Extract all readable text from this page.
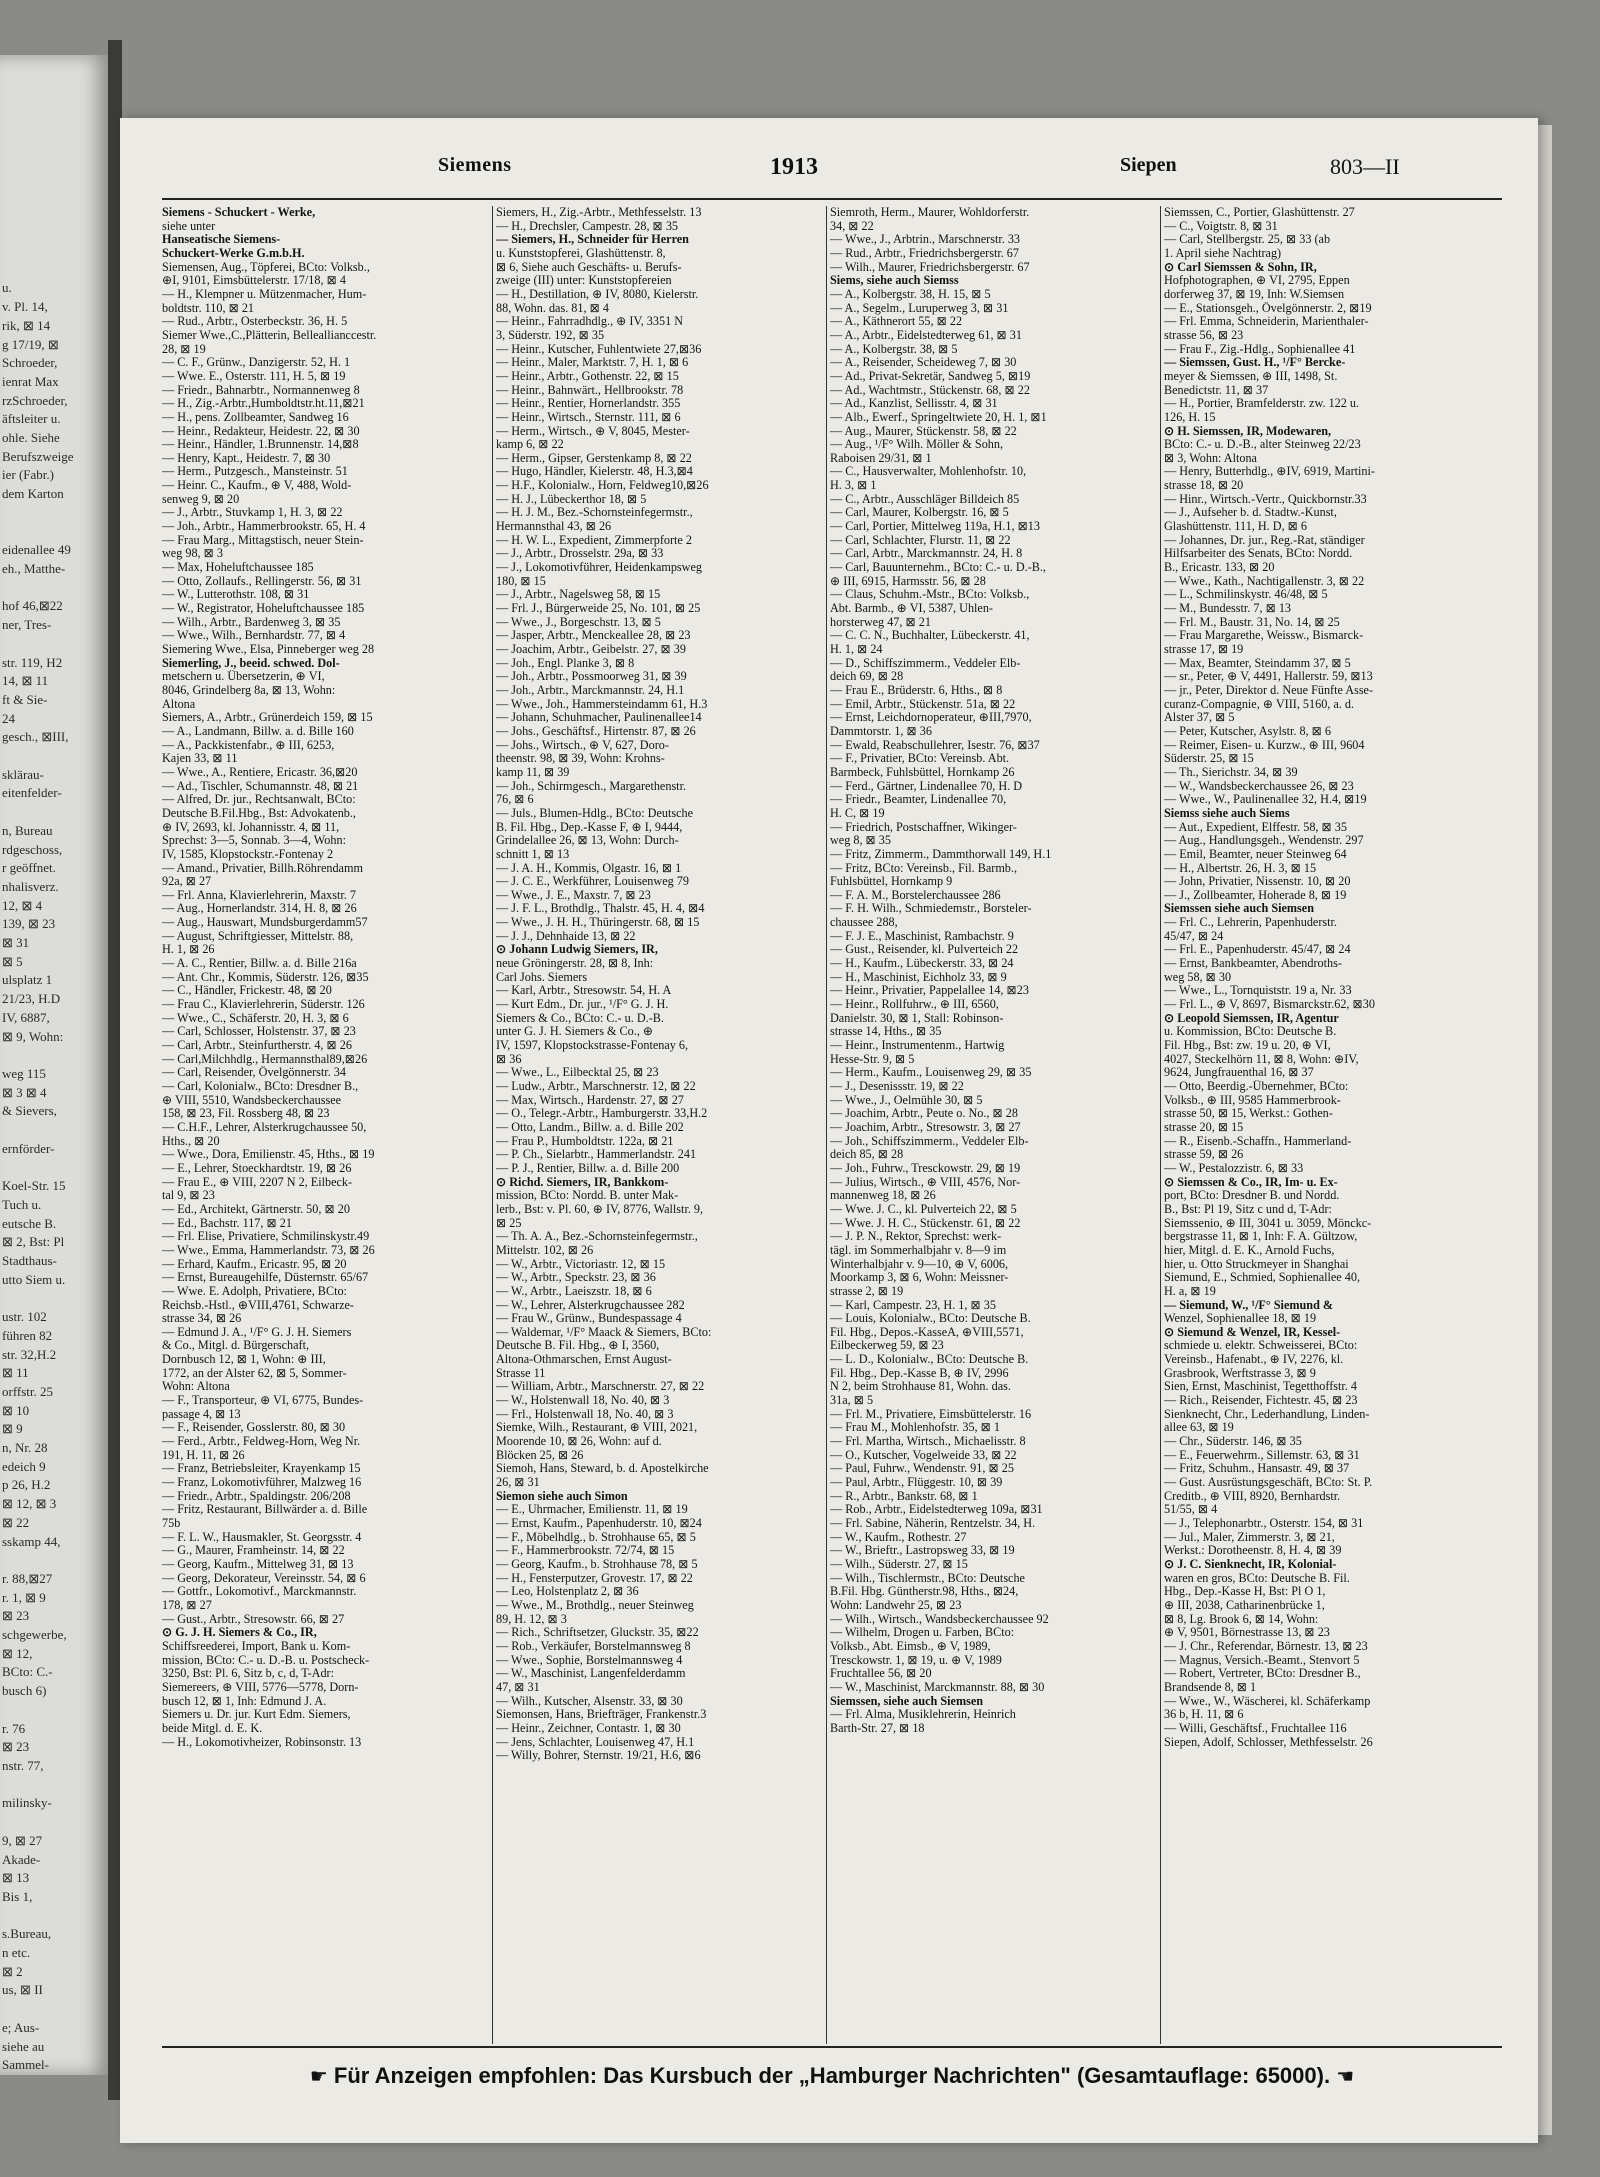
u.
v. Pl. 14,
rik, ⊠ 14
g 17/19, ⊠
Schroeder,
ienrat Max
rzSchroeder,
äftsleiter u.
ohle. Siehe
Berufszweige
ier (Fabr.)
dem Karton

eidenallee 49
eh., Matthe-

hof 46,⊠22
ner, Tres-

str. 119, H2
14, ⊠ 11
ft & Sie-
24
gesch., ⊠III,

sklärau-
eitenfelder-

n, Bureau
rdgeschoss,
r geöffnet.
nhalisverz.
12, ⊠ 4
139, ⊠ 23
⊠ 31
⊠ 5
ulsplatz 1
21/23, H.D
IV, 6887,
⊠ 9, Wohn:

weg 115
⊠ 3 ⊠ 4
& Sievers,

ernförder-

Koel-Str. 15
Tuch u.
eutsche B.
⊠ 2, Bst: Pl
Stadthaus-
utto Siem u.

ustr. 102
führen 82
str. 32,H.2
⊠ 11
orffstr. 25
⊠ 10
⊠ 9
n, Nr. 28
edeich 9
p 26, H.2
⊠ 12, ⊠ 3
⊠ 22
sskamp 44,

r. 88,⊠27
r. 1, ⊠ 9
⊠ 23
schgewerbe,
⊠ 12,
BCto: C.-
busch 6)

r. 76
⊠ 23
nstr. 77,

milinsky-

9, ⊠ 27
Akade-
⊠ 13
Bis 1,

s.Bureau,
n etc.
⊠ 2
us, ⊠ II

e; Aus-
siehe au
Sammel-
Siemens	1913	Siepen	803—II
Siemens - Schuckert - Werke,
siehe unter
Hanseatische Siemens-
Schuckert-Werke G.m.b.H.
Siemensen, Aug., Töpferei, BCto: Volksb.,
⊕I, 9101, Eimsbüttelerstr. 17/18, ⊠ 4
— H., Klempner u. Mützenmacher, Hum-
boldtstr. 110, ⊠ 21
— Rud., Arbtr., Osterbeckstr. 36, H. 5
Siemer Wwe.,C.,Plätterin, Belleallianccestr.
28, ⊠ 19
— C. F., Grünw., Danzigerstr. 52, H. 1
— Wwe. E., Osterstr. 111, H. 5, ⊠ 19
— Friedr., Bahnarbtr., Normannenweg 8
— H., Zig.-Arbtr.,Humboldtstr.ht.11,⊠21
— H., pens. Zollbeamter, Sandweg 16
— Heinr., Redakteur, Heidestr. 22, ⊠ 30
— Heinr., Händler, 1.Brunnenstr. 14,⊠8
— Henry, Kapt., Heidestr. 7, ⊠ 30
— Herm., Putzgesch., Mansteinstr. 51
— Heinr. C., Kaufm., ⊕ V, 488, Wold-
senweg 9, ⊠ 20
— J., Arbtr., Stuvkamp 1, H. 3, ⊠ 22
— Joh., Arbtr., Hammerbrookstr. 65, H. 4
— Frau Marg., Mittagstisch, neuer Stein-
weg 98, ⊠ 3
— Max, Hoheluftchaussee 185
— Otto, Zollaufs., Rellingerstr. 56, ⊠ 31
— W., Lutterothstr. 108, ⊠ 31
— W., Registrator, Hoheluftchaussee 185
— Wilh., Arbtr., Bardenweg 3, ⊠ 35
— Wwe., Wilh., Bernhardstr. 77, ⊠ 4
Siemering Wwe., Elsa, Pinneberger weg 28
Siemerling, J., beeid. schwed. Dol-
metschern u. Übersetzerin, ⊕ VI,
8046, Grindelberg 8a, ⊠ 13, Wohn:
Altona
Siemers, A., Arbtr., Grünerdeich 159, ⊠ 15
— A., Landmann, Billw. a. d. Bille 160
— A., Packkistenfabr., ⊕ III, 6253,
Kajen 33, ⊠ 11
— Wwe., A., Rentiere, Ericastr. 36,⊠20
— Ad., Tischler, Schumannstr. 48, ⊠ 21
— Alfred, Dr. jur., Rechtsanwalt, BCto:
Deutsche B.Fil.Hbg., Bst: Advokatenb.,
⊕ IV, 2693, kl. Johannisstr. 4, ⊠ 11,
Sprechst: 3—5, Sonnab. 3—4, Wohn:
IV, 1585, Klopstockstr.-Fontenay 2
— Amand., Privatier, Billh.Röhrendamm
92a, ⊠ 27
— Frl. Anna, Klavierlehrerin, Maxstr. 7
— Aug., Hornerlandstr. 314, H. 8, ⊠ 26
— Aug., Hauswart, Mundsburgerdamm57
— August, Schriftgiesser, Mittelstr. 88,
H. 1, ⊠ 26
— A. C., Rentier, Billw. a. d. Bille 216a
— Ant. Chr., Kommis, Süderstr. 126, ⊠35
— C., Händler, Frickestr. 48, ⊠ 20
— Frau C., Klavierlehrerin, Süderstr. 126
— Wwe., C., Schäferstr. 20, H. 3, ⊠ 6
— Carl, Schlosser, Holstenstr. 37, ⊠ 23
— Carl, Arbtr., Steinfurtherstr. 4, ⊠ 26
— Carl,Milchhdlg., Hermannsthal89,⊠26
— Carl, Reisender, Övelgönnerstr. 34
— Carl, Kolonialw., BCto: Dresdner B.,
⊕ VIII, 5510, Wandsbeckerchaussee
158, ⊠ 23, Fil. Rossberg 48, ⊠ 23
— C.H.F., Lehrer, Alsterkrugchaussee 50,
Hths., ⊠ 20
— Wwe., Dora, Emilienstr. 45, Hths., ⊠ 19
— E., Lehrer, Stoeckhardtstr. 19, ⊠ 26
— Frau E., ⊕ VIII, 2207 N 2, Eilbeck-
tal 9, ⊠ 23
— Ed., Architekt, Gärtnerstr. 50, ⊠ 20
— Ed., Bachstr. 117, ⊠ 21
— Frl. Elise, Privatiere, Schmilinskystr.49
— Wwe., Emma, Hammerlandstr. 73, ⊠ 26
— Erhard, Kaufm., Ericastr. 95, ⊠ 20
— Ernst, Bureaugehilfe, Düsternstr. 65/67
— Wwe. E. Adolph, Privatiere, BCto:
Reichsb.-Hstl., ⊕VIII,4761, Schwarze-
strasse 34, ⊠ 26
— Edmund J. A., ¹/F° G. J. H. Siemers
& Co., Mitgl. d. Bürgerschaft,
Dornbusch 12, ⊠ 1, Wohn: ⊕ III,
1772, an der Alster 62, ⊠ 5, Sommer-
Wohn: Altona
— F., Transporteur, ⊕ VI, 6775, Bundes-
passage 4, ⊠ 13
— F., Reisender, Gosslerstr. 80, ⊠ 30
— Ferd., Arbtr., Feldweg-Horn, Weg Nr.
191, H. 11, ⊠ 26
— Franz, Betriebsleiter, Krayenkamp 15
— Franz, Lokomotivführer, Malzweg 16
— Friedr., Arbtr., Spaldingstr. 206/208
— Fritz, Restaurant, Billwärder a. d. Bille
75b
— F. L. W., Hausmakler, St. Georgsstr. 4
— G., Maurer, Framheinstr. 14, ⊠ 22
— Georg, Kaufm., Mittelweg 31, ⊠ 13
— Georg, Dekorateur, Vereinsstr. 54, ⊠ 6
— Gottfr., Lokomotivf., Marckmannstr.
178, ⊠ 27
— Gust., Arbtr., Stresowstr. 66, ⊠ 27
⊙ G. J. H. Siemers & Co., IR,
Schiffsreederei, Import, Bank u. Kom-
mission, BCto: C.- u. D.-B. u. Postscheck-
3250, Bst: Pl. 6, Sitz b, c, d, T-Adr:
Siemereers, ⊕ VIII, 5776—5778, Dorn-
busch 12, ⊠ 1, Inh: Edmund J. A.
Siemers u. Dr. jur. Kurt Edm. Siemers,
beide Mitgl. d. E. K.
— H., Lokomotivheizer, Robinsonstr. 13
Siemers, H., Zig.-Arbtr., Methfesselstr. 13
— H., Drechsler, Campestr. 28, ⊠ 35
— Siemers, H., Schneider für Herren
u. Kunststopferei, Glashüttenstr. 8,
⊠ 6, Siehe auch Geschäfts- u. Berufs-
zweige (III) unter: Kunststopfereien
— H., Destillation, ⊕ IV, 8080, Kielerstr.
88, Wohn. das. 81, ⊠ 4
— Heinr., Fahrradhdlg., ⊕ IV, 3351 N
3, Süderstr. 192, ⊠ 35
— Heinr., Kutscher, Fuhlentwiete 27,⊠36
— Heinr., Maler, Marktstr. 7, H. 1, ⊠ 6
— Heinr., Arbtr., Gothenstr. 22, ⊠ 15
— Heinr., Bahnwärt., Hellbrookstr. 78
— Heinr., Rentier, Hornerlandstr. 355
— Heinr., Wirtsch., Sternstr. 111, ⊠ 6
— Herm., Wirtsch., ⊕ V, 8045, Mester-
kamp 6, ⊠ 22
— Herm., Gipser, Gerstenkamp 8, ⊠ 22
— Hugo, Händler, Kielerstr. 48, H.3,⊠4
— H.F., Kolonialw., Horn, Feldweg10,⊠26
— H. J., Lübeckerthor 18, ⊠ 5
— H. J. M., Bez.-Schornsteinfegermstr.,
Hermannsthal 43, ⊠ 26
— H. W. L., Expedient, Zimmerpforte 2
— J., Arbtr., Drosselstr. 29a, ⊠ 33
— J., Lokomotivführer, Heidenkampsweg
180, ⊠ 15
— J., Arbtr., Nagelsweg 58, ⊠ 15
— Frl. J., Bürgerweide 25, No. 101, ⊠ 25
— Wwe., J., Borgeschstr. 13, ⊠ 5
— Jasper, Arbtr., Menckeallee 28, ⊠ 23
— Joachim, Arbtr., Geibelstr. 27, ⊠ 39
— Joh., Engl. Planke 3, ⊠ 8
— Joh., Arbtr., Possmoorweg 31, ⊠ 39
— Joh., Arbtr., Marckmannstr. 24, H.1
— Wwe., Joh., Hammersteindamm 61, H.3
— Johann, Schuhmacher, Paulinenallee14
— Johs., Geschäftsf., Hirtenstr. 87, ⊠ 26
— Johs., Wirtsch., ⊕ V, 627, Doro-
theenstr. 98, ⊠ 39, Wohn: Krohns-
kamp 11, ⊠ 39
— Joh., Schirmgesch., Margarethenstr.
76, ⊠ 6
— Juls., Blumen-Hdlg., BCto: Deutsche
B. Fil. Hbg., Dep.-Kasse F, ⊕ I, 9444,
Grindelallee 26, ⊠ 13, Wohn: Durch-
schnitt 1, ⊠ 13
— J. A. H., Kommis, Olgastr. 16, ⊠ 1
— J. C. E., Werkführer, Louisenweg 79
— Wwe., J. E., Maxstr. 7, ⊠ 23
— J. F. L., Brothdlg., Thalstr. 45, H. 4, ⊠4
— Wwe., J. H. H., Thüringerstr. 68, ⊠ 15
— J. J., Dehnhaide 13, ⊠ 22
⊙ Johann Ludwig Siemers, IR,
neue Gröningerstr. 28, ⊠ 8, Inh:
Carl Johs. Siemers
— Karl, Arbtr., Stresowstr. 54, H. A
— Kurt Edm., Dr. jur., ¹/F° G. J. H.
Siemers & Co., BCto: C.- u. D.-B.
unter G. J. H. Siemers & Co., ⊕
IV, 1597, Klopstockstrasse-Fontenay 6,
⊠ 36
— Wwe., L., Eilbecktal 25, ⊠ 23
— Ludw., Arbtr., Marschnerstr. 12, ⊠ 22
— Max, Wirtsch., Hardenstr. 27, ⊠ 27
— O., Telegr.-Arbtr., Hamburgerstr. 33,H.2
— Otto, Landm., Billw. a. d. Bille 202
— Frau P., Humboldtstr. 122a, ⊠ 21
— P. Ch., Sielarbtr., Hammerlandstr. 241
— P. J., Rentier, Billw. a. d. Bille 200
⊙ Richd. Siemers, IR, Bankkom-
mission, BCto: Nordd. B. unter Mak-
lerb., Bst: v. Pl. 60, ⊕ IV, 8776, Wallstr. 9,
⊠ 25
— Th. A. A., Bez.-Schornsteinfegermstr.,
Mittelstr. 102, ⊠ 26
— W., Arbtr., Victoriastr. 12, ⊠ 15
— W., Arbtr., Speckstr. 23, ⊠ 36
— W., Arbtr., Laeiszstr. 18, ⊠ 6
— W., Lehrer, Alsterkrugchaussee 282
— Frau W., Grünw., Bundespassage 4
— Waldemar, ¹/F° Maack & Siemers, BCto:
Deutsche B. Fil. Hbg., ⊕ I, 3560,
Altona-Othmarschen, Ernst August-
Strasse 11
— William, Arbtr., Marschnerstr. 27, ⊠ 22
— W., Holstenwall 18, No. 40, ⊠ 3
— Frl., Holstenwall 18, No. 40, ⊠ 3
Siemke, Wilh., Restaurant, ⊕ VIII, 2021,
Moorende 10, ⊠ 26, Wohn: auf d.
Blöcken 25, ⊠ 26
Siemoh, Hans, Steward, b. d. Apostelkirche
26, ⊠ 31
Siemon siehe auch Simon
— E., Uhrmacher, Emilienstr. 11, ⊠ 19
— Ernst, Kaufm., Papenhuderstr. 10, ⊠24
— F., Möbelhdlg., b. Strohhause 65, ⊠ 5
— F., Hammerbrookstr. 72/74, ⊠ 15
— Georg, Kaufm., b. Strohhause 78, ⊠ 5
— H., Fensterputzer, Grovestr. 17, ⊠ 22
— Leo, Holstenplatz 2, ⊠ 36
— Wwe., M., Brothdlg., neuer Steinweg
89, H. 12, ⊠ 3
— Rich., Schriftsetzer, Gluckstr. 35, ⊠22
— Rob., Verkäufer, Borstelmannsweg 8
— Wwe., Sophie, Borstelmannsweg 4
— W., Maschinist, Langenfelderdamm
47, ⊠ 31
— Wilh., Kutscher, Alsenstr. 33, ⊠ 30
Siemonsen, Hans, Briefträger, Frankenstr.3
— Heinr., Zeichner, Contastr. 1, ⊠ 30
— Jens, Schlachter, Louisenweg 47, H.1
— Willy, Bohrer, Sternstr. 19/21, H.6, ⊠6
Siemroth, Herm., Maurer, Wohldorferstr.
34, ⊠ 22
— Wwe., J., Arbtrin., Marschnerstr. 33
— Rud., Arbtr., Friedrichsbergerstr. 67
— Wilh., Maurer, Friedrichsbergerstr. 67
Siems, siehe auch Siemss
— A., Kolbergstr. 38, H. 15, ⊠ 5
— A., Segelm., Luruperweg 3, ⊠ 31
— A., Käthnerort 55, ⊠ 22
— A., Arbtr., Eidelstedterweg 61, ⊠ 31
— A., Kolbergstr. 38, ⊠ 5
— A., Reisender, Scheideweg 7, ⊠ 30
— Ad., Privat-Sekretär, Sandweg 5, ⊠19
— Ad., Wachtmstr., Stückenstr. 68, ⊠ 22
— Ad., Kanzlist, Sellisstr. 4, ⊠ 31
— Alb., Ewerf., Springeltwiete 20, H. 1, ⊠1
— Aug., Maurer, Stückenstr. 58, ⊠ 22
— Aug., ¹/F° Wilh. Möller & Sohn,
Raboisen 29/31, ⊠ 1
— C., Hausverwalter, Mohlenhofstr. 10,
H. 3, ⊠ 1
— C., Arbtr., Ausschläger Billdeich 85
— Carl, Maurer, Kolbergstr. 16, ⊠ 5
— Carl, Portier, Mittelweg 119a, H.1, ⊠13
— Carl, Schlachter, Flurstr. 11, ⊠ 22
— Carl, Arbtr., Marckmannstr. 24, H. 8
— Carl, Bauunternehm., BCto: C.- u. D.-B.,
⊕ III, 6915, Harmsstr. 56, ⊠ 28
— Claus, Schuhm.-Mstr., BCto: Volksb.,
Abt. Barmb., ⊕ VI, 5387, Uhlen-
horsterweg 47, ⊠ 21
— C. C. N., Buchhalter, Lübeckerstr. 41,
H. 1, ⊠ 24
— D., Schiffszimmerm., Veddeler Elb-
deich 69, ⊠ 28
— Frau E., Brüderstr. 6, Hths., ⊠ 8
— Emil, Arbtr., Stückenstr. 51a, ⊠ 22
— Ernst, Leichdornoperateur, ⊕III,7970,
Dammtorstr. 1, ⊠ 36
— Ewald, Reabschullehrer, Isestr. 76, ⊠37
— F., Privatier, BCto: Vereinsb. Abt.
Barmbeck, Fuhlsbüttel, Hornkamp 26
— Ferd., Gärtner, Lindenallee 70, H. D
— Friedr., Beamter, Lindenallee 70,
H. C, ⊠ 19
— Friedrich, Postschaffner, Wikinger-
weg 8, ⊠ 35
— Fritz, Zimmerm., Dammthorwall 149, H.1
— Fritz, BCto: Vereinsb., Fil. Barmb.,
Fuhlsbüttel, Hornkamp 9
— F. A. M., Borstelerchaussee 286
— F. H. Wilh., Schmiedemstr., Borsteler-
chaussee 288,
— F. J. E., Maschinist, Rambachstr. 9
— Gust., Reisender, kl. Pulverteich 22
— H., Kaufm., Lübeckerstr. 33, ⊠ 24
— H., Maschinist, Eichholz 33, ⊠ 9
— Heinr., Privatier, Pappelallee 14, ⊠23
— Heinr., Rollfuhrw., ⊕ III, 6560,
Danielstr. 30, ⊠ 1, Stall: Robinson-
strasse 14, Hths., ⊠ 35
— Heinr., Instrumentenm., Hartwig
Hesse-Str. 9, ⊠ 5
— Herm., Kaufm., Louisenweg 29, ⊠ 35
— J., Desenissstr. 19, ⊠ 22
— Wwe., J., Oelmühle 30, ⊠ 5
— Joachim, Arbtr., Peute o. No., ⊠ 28
— Joachim, Arbtr., Stresowstr. 3, ⊠ 27
— Joh., Schiffszimmerm., Veddeler Elb-
deich 85, ⊠ 28
— Joh., Fuhrw., Tresckowstr. 29, ⊠ 19
— Julius, Wirtsch., ⊕ VIII, 4576, Nor-
mannenweg 18, ⊠ 26
— Wwe. J. C., kl. Pulverteich 22, ⊠ 5
— Wwe. J. H. C., Stückenstr. 61, ⊠ 22
— J. P. N., Rektor, Sprechst: werk-
tägl. im Sommerhalbjahr v. 8—9 im
Winterhalbjahr v. 9—10, ⊕ V, 6006,
Moorkamp 3, ⊠ 6, Wohn: Meissner-
strasse 2, ⊠ 19
— Karl, Campestr. 23, H. 1, ⊠ 35
— Louis, Kolonialw., BCto: Deutsche B.
Fil. Hbg., Depos.-KasseA, ⊕VIII,5571,
Eilbeckerweg 59, ⊠ 23
— L. D., Kolonialw., BCto: Deutsche B.
Fil. Hbg., Dep.-Kasse B, ⊕ IV, 2996
N 2, beim Strohhause 81, Wohn. das.
31a, ⊠ 5
— Frl. M., Privatiere, Eimsbüttelerstr. 16
— Frau M., Mohlenhofstr. 35, ⊠ 1
— Frl. Martha, Wirtsch., Michaelisstr. 8
— O., Kutscher, Vogelweide 33, ⊠ 22
— Paul, Fuhrw., Wendenstr. 91, ⊠ 25
— Paul, Arbtr., Flüggestr. 10, ⊠ 39
— R., Arbtr., Bankstr. 68, ⊠ 1
— Rob., Arbtr., Eidelstedterweg 109a, ⊠31
— Frl. Sabine, Näherin, Rentzelstr. 34, H.
— W., Kaufm., Rothestr. 27
— W., Brieftr., Lastropsweg 33, ⊠ 19
— Wilh., Süderstr. 27, ⊠ 15
— Wilh., Tischlermstr., BCto: Deutsche
B.Fil. Hbg. Güntherstr.98, Hths., ⊠24,
Wohn: Landwehr 25, ⊠ 23
— Wilh., Wirtsch., Wandsbeckerchaussee 92
— Wilhelm, Drogen u. Farben, BCto:
Volksb., Abt. Eimsb., ⊕ V, 1989,
Tresckowstr. 1, ⊠ 19, u. ⊕ V, 1989
Fruchtallee 56, ⊠ 20
— W., Maschinist, Marckmannstr. 88, ⊠ 30
Siemssen, siehe auch Siemsen
— Frl. Alma, Musiklehrerin, Heinrich
Barth-Str. 27, ⊠ 18
Siemssen, C., Portier, Glashüttenstr. 27
— C., Voigtstr. 8, ⊠ 31
— Carl, Stellbergstr. 25, ⊠ 33 (ab
1. April siehe Nachtrag)
⊙ Carl Siemssen & Sohn, IR,
Hofphotographen, ⊕ VI, 2795, Eppen
dorferweg 37, ⊠ 19, Inh: W.Siemsen
— E., Stationsgeh., Övelgönnerstr. 2, ⊠19
— Frl. Emma, Schneiderin, Marienthaler-
strasse 56, ⊠ 23
— Frau F., Zig.-Hdlg., Sophienallee 41
— Siemssen, Gust. H., ¹/F° Bercke-
meyer & Siemssen, ⊕ III, 1498, St.
Benedictstr. 11, ⊠ 37
— H., Portier, Bramfelderstr. zw. 122 u.
126, H. 15
⊙ H. Siemssen, IR, Modewaren,
BCto: C.- u. D.-B., alter Steinweg 22/23
⊠ 3, Wohn: Altona
— Henry, Butterhdlg., ⊕IV, 6919, Martini-
strasse 18, ⊠ 20
— Hinr., Wirtsch.-Vertr., Quickbornstr.33
— J., Aufseher b. d. Stadtw.-Kunst,
Glashüttenstr. 111, H. D, ⊠ 6
— Johannes, Dr. jur., Reg.-Rat, ständiger
Hilfsarbeiter des Senats, BCto: Nordd.
B., Ericastr. 133, ⊠ 20
— Wwe., Kath., Nachtigallenstr. 3, ⊠ 22
— L., Schmilinskystr. 46/48, ⊠ 5
— M., Bundesstr. 7, ⊠ 13
— Frl. M., Baustr. 31, No. 14, ⊠ 25
— Frau Margarethe, Weissw., Bismarck-
strasse 17, ⊠ 19
— Max, Beamter, Steindamm 37, ⊠ 5
— sr., Peter, ⊕ V, 4491, Hallerstr. 59, ⊠13
— jr., Peter, Direktor d. Neue Fünfte Asse-
curanz-Compagnie, ⊕ VIII, 5160, a. d.
Alster 37, ⊠ 5
— Peter, Kutscher, Asylstr. 8, ⊠ 6
— Reimer, Eisen- u. Kurzw., ⊕ III, 9604
Süderstr. 25, ⊠ 15
— Th., Sierichstr. 34, ⊠ 39
— W., Wandsbeckerchaussee 26, ⊠ 23
— Wwe., W., Paulinenallee 32, H.4, ⊠19
Siemss siehe auch Siems
— Aut., Expedient, Elffestr. 58, ⊠ 35
— Aug., Handlungsgeh., Wendenstr. 297
— Emil, Beamter, neuer Steinweg 64
— H., Albertstr. 26, H. 3, ⊠ 15
— John, Privatier, Nissenstr. 10, ⊠ 20
— J., Zollbeamter, Hoherade 8, ⊠ 19
Siemssen siehe auch Siemsen
— Frl. C., Lehrerin, Papenhuderstr.
45/47, ⊠ 24
— Frl. E., Papenhuderstr. 45/47, ⊠ 24
— Ernst, Bankbeamter, Abendroths-
weg 58, ⊠ 30
— Wwe., L., Tornquiststr. 19 a, Nr. 33
— Frl. L., ⊕ V, 8697, Bismarckstr.62, ⊠30
⊙ Leopold Siemssen, IR, Agentur
u. Kommission, BCto: Deutsche B.
Fil. Hbg., Bst: zw. 19 u. 20, ⊕ VI,
4027, Steckelhörn 11, ⊠ 8, Wohn: ⊕IV,
9624, Jungfrauenthal 16, ⊠ 37
— Otto, Beerdig.-Übernehmer, BCto:
Volksb., ⊕ III, 9585 Hammerbrook-
strasse 50, ⊠ 15, Werkst.: Gothen-
strasse 20, ⊠ 15
— R., Eisenb.-Schaffn., Hammerland-
strasse 59, ⊠ 26
— W., Pestalozzistr. 6, ⊠ 33
⊙ Siemssen & Co., IR, Im- u. Ex-
port, BCto: Dresdner B. und Nordd.
B., Bst: Pl 19, Sitz c und d, T-Adr:
Siemssenio, ⊕ III, 3041 u. 3059, Mönckc-
bergstrasse 11, ⊠ 1, Inh: F. A. Gültzow,
hier, Mitgl. d. E. K., Arnold Fuchs,
hier, u. Otto Struckmeyer in Shanghai
Siemund, E., Schmied, Sophienallee 40,
H. a, ⊠ 19
— Siemund, W., ¹/F° Siemund &
Wenzel, Sophienallee 18, ⊠ 19
⊙ Siemund & Wenzel, IR, Kessel-
schmiede u. elektr. Schweisserei, BCto:
Vereinsb., Hafenabt., ⊕ IV, 2276, kl.
Grasbrook, Werftstrasse 3, ⊠ 9
Sien, Ernst, Maschinist, Tegetthoffstr. 4
— Rich., Reisender, Fichtestr. 45, ⊠ 23
Sienknecht, Chr., Lederhandlung, Linden-
allee 63, ⊠ 19
— Chr., Süderstr. 146, ⊠ 35
— E., Feuerwehrm., Sillemstr. 63, ⊠ 31
— Fritz, Schuhm., Hansastr. 49, ⊠ 37
— Gust. Ausrüstungsgeschäft, BCto: St. P.
Creditb., ⊕ VIII, 8920, Bernhardstr.
51/55, ⊠ 4
— J., Telephonarbtr., Osterstr. 154, ⊠ 31
— Jul., Maler, Zimmerstr. 3, ⊠ 21,
Werkst.: Dorotheenstr. 8, H. 4, ⊠ 39
⊙ J. C. Sienknecht, IR, Kolonial-
waren en gros, BCto: Deutsche B. Fil.
Hbg., Dep.-Kasse H, Bst: Pl O 1,
⊕ III, 2038, Catharinenbrücke 1,
⊠ 8, Lg. Brook 6, ⊠ 14, Wohn:
⊕ V, 9501, Börnestrasse 13, ⊠ 23
— J. Chr., Referendar, Börnestr. 13, ⊠ 23
— Magnus, Versich.-Beamt., Stenvort 5
— Robert, Vertreter, BCto: Dresdner B.,
Brandsende 8, ⊠ 1
— Wwe., W., Wäscherei, kl. Schäferkamp
36 b, H. 11, ⊠ 6
— Willi, Geschäftsf., Fruchtallee 116
Siepen, Adolf, Schlosser, Methfesselstr. 26
☛ Für Anzeigen empfohlen: Das Kursbuch der „Hamburger Nachrichten" (Gesamtauflage: 65000). ☚
